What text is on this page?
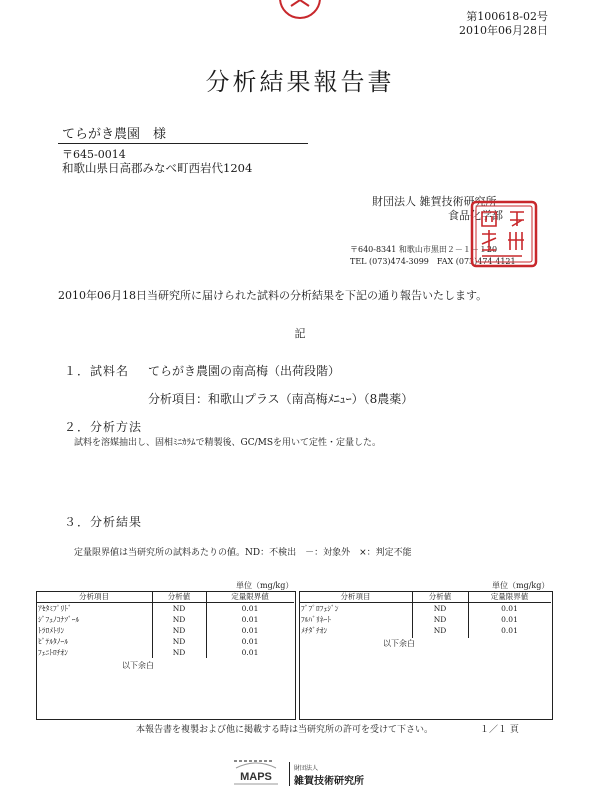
第100618-02号
2010年06月28日
分析結果報告書
てらがき農園　様
〒645-0014
和歌山県日高郡みなべ町西岩代1204
財団法人 雑賀技術研究所
食品化学部
〒640-8341 和歌山市黒田２－１－１20
TEL (073)474-3099　FAX (073)474-4121
2010年06月18日当研究所に届けられた試料の分析結果を下記の通り報告いたします。
記
１．試料名 てらがき農園の南高梅（出荷段階）
分析項目：和歌山プラス（南高梅ﾒﾆｭｰ）（8農薬）
２．分析方法
試料を溶媒抽出し、固相ﾐﾆｶﾗﾑで精製後、GC/MSを用いて定性・定量した。
３．分析結果
定量限界値は当研究所の試料あたりの値。ND：不検出　－：対象外　×：判定不能
単位（mg/kg）	単位（mg/kg）
分析項目	分析値	定量限界値
ｱｾﾀﾐﾌﾟﾘﾄﾞ	ND	0.01
ｼﾞﾌｪﾉｺﾅｿﾞｰﾙ	ND	0.01
ﾄﾗﾛﾒﾄﾘﾝ	ND	0.01
ﾋﾞﾃﾙﾀﾉｰﾙ	ND	0.01
ﾌｪﾆﾄﾛﾁｵﾝ	ND	0.01
以下余白
分析項目	分析値	定量限界値
ﾌﾞﾌﾟﾛﾌｪｼﾞﾝ	ND	0.01
ﾌﾙﾊﾞﾘﾈｰﾄ	ND	0.01
ﾒﾁﾀﾞﾁｵﾝ	ND	0.01
以下余白
本報告書を複製および他に掲載する時は当研究所の許可を受けて下さい。	１／１ 頁
MAPS
財団法人
雑賀技術研究所
